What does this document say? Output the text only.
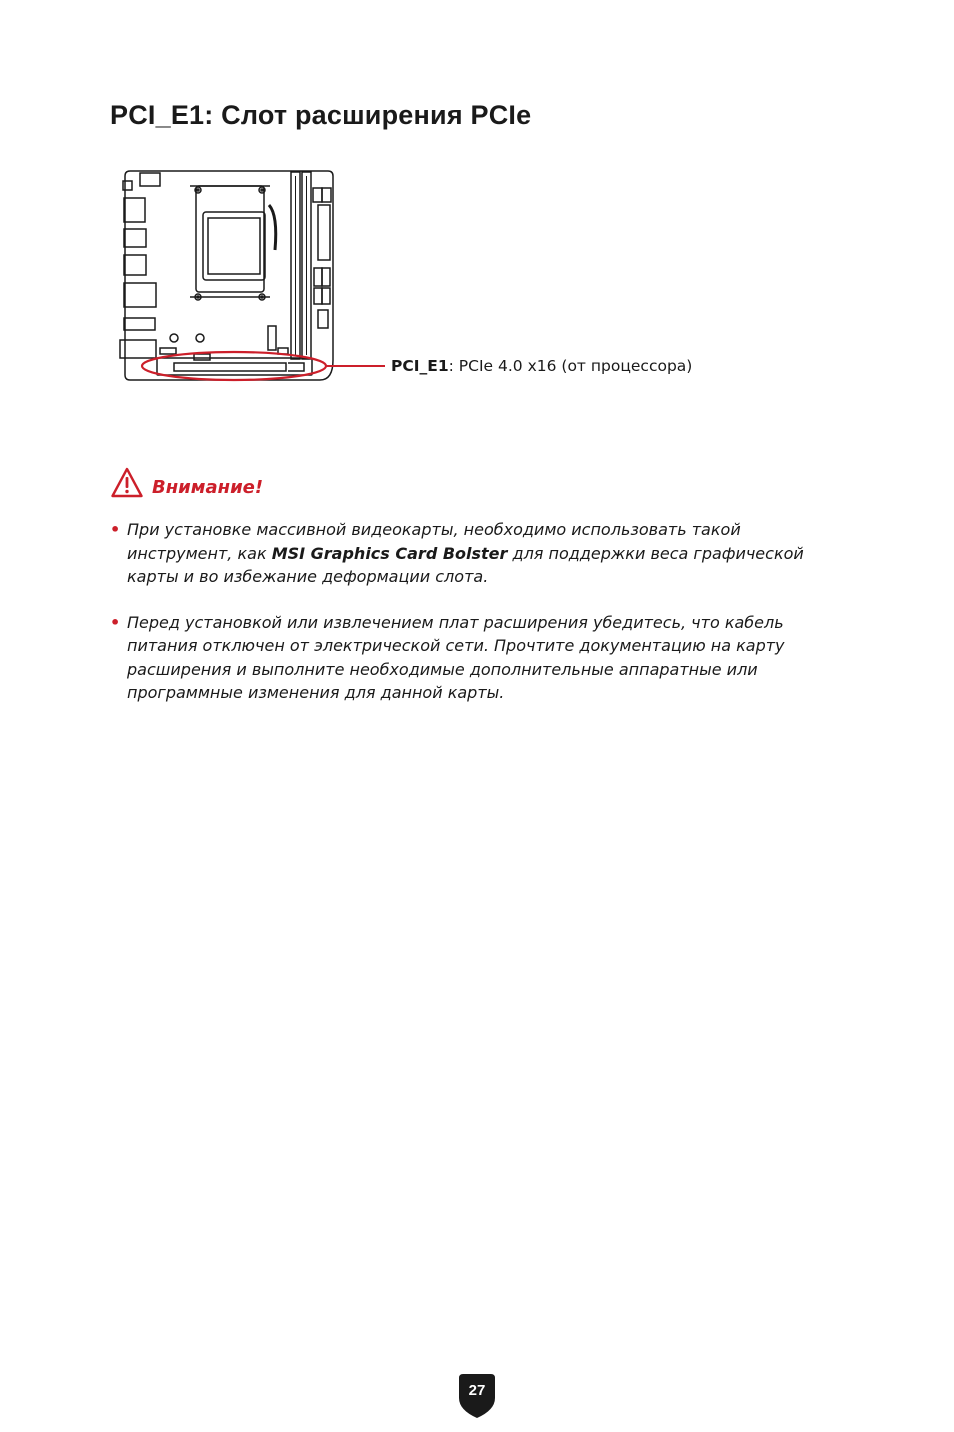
PCI_E1: Слот расширения PCIe
PCI_E1: PCIe 4.0 x16 (от процессора)
Внимание!
• При установке массивной видеокарты, необходимо использовать такой инструмент, как MSI Graphics Card Bolster для поддержки веса графической карты и во избежание деформации слота.
• Перед установкой или извлечением плат расширения убедитесь, что кабель питания отключен от электрической сети. Прочтите документацию на карту расширения и выполните необходимые дополнительные аппаратные или программные изменения для данной карты.
27
